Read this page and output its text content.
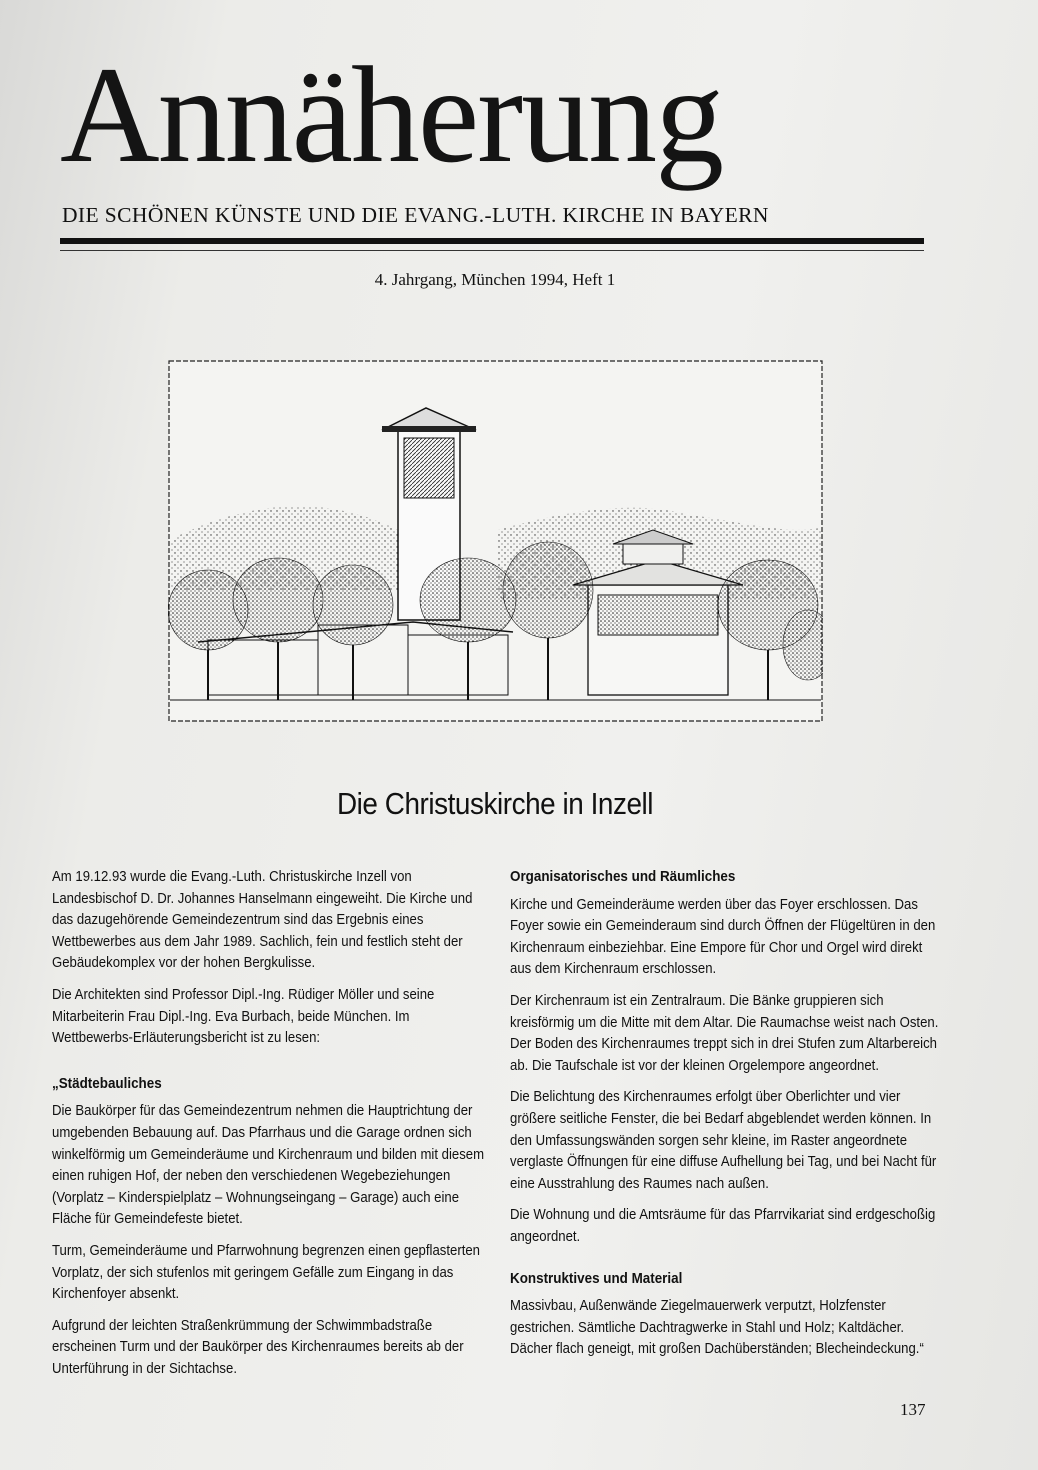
Annäherung
DIE SCHÖNEN KÜNSTE UND DIE EVANG.-LUTH. KIRCHE IN BAYERN
4. Jahrgang, München 1994, Heft 1
Die Christuskirche in Inzell

Am 19.12.93 wurde die Evang.-Luth. Christuskirche Inzell von Landesbischof D. Dr. Johannes Hanselmann eingeweiht. Die Kirche und das dazugehörende Gemeindezentrum sind das Ergebnis eines Wettbewerbes aus dem Jahr 1989. Sachlich, fein und festlich steht der Gebäudekomplex vor der hohen Bergkulisse.

Die Architekten sind Professor Dipl.-Ing. Rüdiger Möller und seine Mitarbeiterin Frau Dipl.-Ing. Eva Burbach, beide München. Im Wettbewerbs-Erläuterungsbericht ist zu lesen:

„Städtebauliches

Die Baukörper für das Gemeindezentrum nehmen die Hauptrichtung der umgebenden Bebauung auf. Das Pfarrhaus und die Garage ordnen sich winkelförmig um Gemeinderäume und Kirchenraum und bilden mit diesem einen ruhigen Hof, der neben den verschiedenen Wegebeziehungen (Vorplatz – Kinderspielplatz – Wohnungseingang – Garage) auch eine Fläche für Gemeindefeste bietet.

Turm, Gemeinderäume und Pfarrwohnung begrenzen einen gepflasterten Vorplatz, der sich stufenlos mit geringem Gefälle zum Eingang in das Kirchenfoyer absenkt.

Aufgrund der leichten Straßenkrümmung der Schwimmbadstraße erscheinen Turm und der Baukörper des Kirchenraumes bereits ab der Unterführung in der Sichtachse.

Organisatorisches und Räumliches

Kirche und Gemeinderäume werden über das Foyer erschlossen. Das Foyer sowie ein Gemeinderaum sind durch Öffnen der Flügeltüren in den Kirchenraum einbeziehbar. Eine Empore für Chor und Orgel wird direkt aus dem Kirchenraum erschlossen.

Der Kirchenraum ist ein Zentralraum. Die Bänke gruppieren sich kreisförmig um die Mitte mit dem Altar. Die Raumachse weist nach Osten. Der Boden des Kirchenraumes treppt sich in drei Stufen zum Altarbereich ab. Die Taufschale ist vor der kleinen Orgelempore angeordnet.

Die Belichtung des Kirchenraumes erfolgt über Oberlichter und vier größere seitliche Fenster, die bei Bedarf abgeblendet werden können. In den Umfassungswänden sorgen sehr kleine, im Raster angeordnete verglaste Öffnungen für eine diffuse Aufhellung bei Tag, und bei Nacht für eine Ausstrahlung des Raumes nach außen.

Die Wohnung und die Amtsräume für das Pfarrvikariat sind erdgeschoßig angeordnet.

Konstruktives und Material

Massivbau, Außenwände Ziegelmauerwerk verputzt, Holzfenster gestrichen. Sämtliche Dachtragwerke in Stahl und Holz; Kaltdächer. Dächer flach geneigt, mit großen Dachüberständen; Blecheindeckung.“

137
